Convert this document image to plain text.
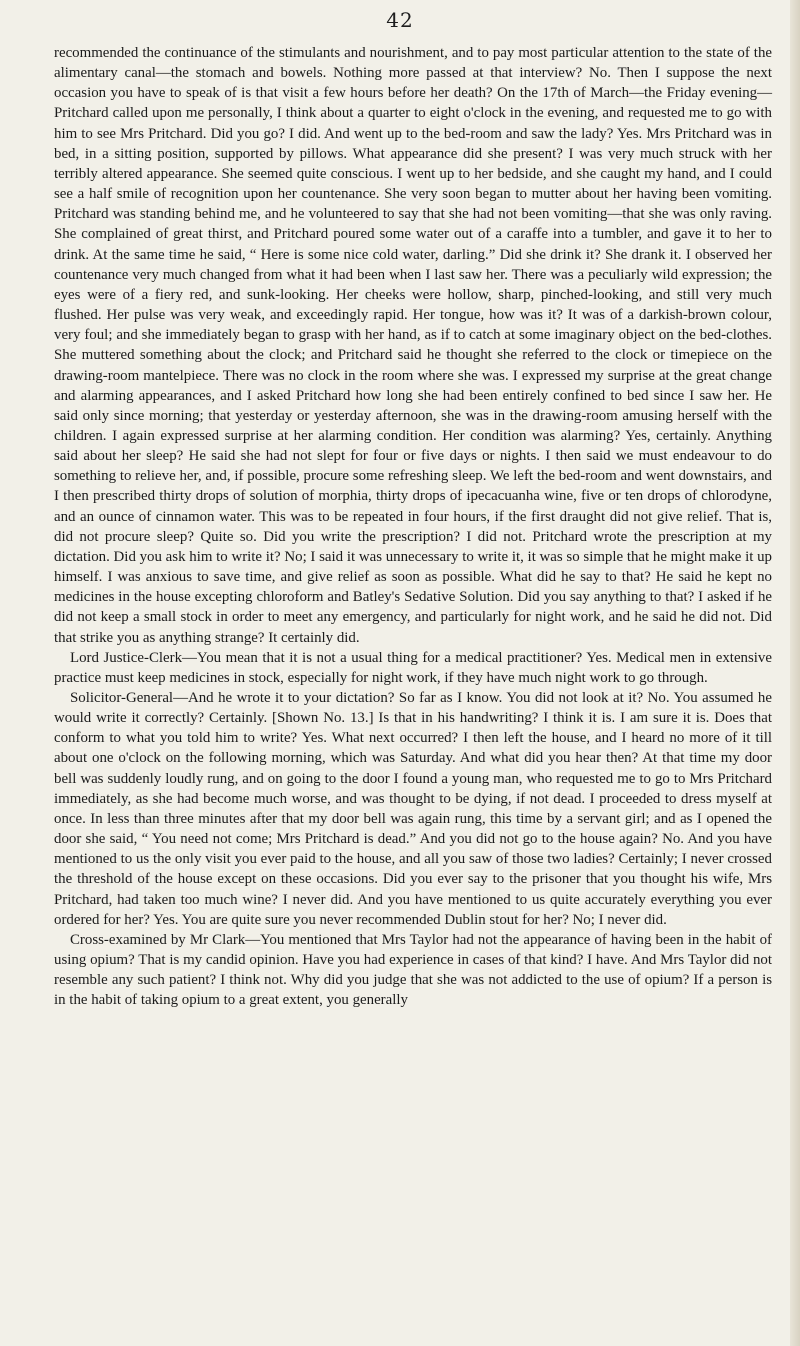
42

recommended the continuance of the stimulants and nourishment, and to pay most particular attention to the state of the alimentary canal—the stomach and bowels. Nothing more passed at that interview? No. Then I suppose the next occasion you have to speak of is that visit a few hours before her death? On the 17th of March—the Friday evening—Pritchard called upon me personally, I think about a quarter to eight o'clock in the evening, and requested me to go with him to see Mrs Pritchard. Did you go? I did. And went up to the bed-room and saw the lady? Yes. Mrs Pritchard was in bed, in a sitting position, supported by pillows. What appearance did she present? I was very much struck with her terribly altered appearance. She seemed quite conscious. I went up to her bedside, and she caught my hand, and I could see a half smile of recognition upon her countenance. She very soon began to mutter about her having been vomiting. Pritchard was standing behind me, and he volunteered to say that she had not been vomiting—that she was only raving. She complained of great thirst, and Pritchard poured some water out of a caraffe into a tumbler, and gave it to her to drink. At the same time he said, “ Here is some nice cold water, darling.” Did she drink it? She drank it. I observed her countenance very much changed from what it had been when I last saw her. There was a peculiarly wild expression; the eyes were of a fiery red, and sunk-looking. Her cheeks were hollow, sharp, pinched-looking, and still very much flushed. Her pulse was very weak, and exceedingly rapid. Her tongue, how was it? It was of a darkish-brown colour, very foul; and she immediately began to grasp with her hand, as if to catch at some imaginary object on the bed-clothes. She muttered something about the clock; and Pritchard said he thought she referred to the clock or timepiece on the drawing-room mantelpiece. There was no clock in the room where she was. I expressed my surprise at the great change and alarming appearances, and I asked Pritchard how long she had been entirely confined to bed since I saw her. He said only since morning; that yesterday or yesterday afternoon, she was in the drawing-room amusing herself with the children. I again expressed surprise at her alarming condition. Her condition was alarming? Yes, certainly. Anything said about her sleep? He said she had not slept for four or five days or nights. I then said we must endeavour to do something to relieve her, and, if possible, procure some refreshing sleep. We left the bed-room and went downstairs, and I then prescribed thirty drops of solution of morphia, thirty drops of ipecacuanha wine, five or ten drops of chlorodyne, and an ounce of cinnamon water. This was to be repeated in four hours, if the first draught did not give relief. That is, did not procure sleep? Quite so. Did you write the prescription? I did not. Pritchard wrote the prescription at my dictation. Did you ask him to write it? No; I said it was unnecessary to write it, it was so simple that he might make it up himself. I was anxious to save time, and give relief as soon as possible. What did he say to that? He said he kept no medicines in the house excepting chloroform and Batley's Sedative Solution. Did you say anything to that? I asked if he did not keep a small stock in order to meet any emergency, and particularly for night work, and he said he did not. Did that strike you as anything strange? It certainly did.

Lord Justice-Clerk—You mean that it is not a usual thing for a medical practitioner? Yes. Medical men in extensive practice must keep medicines in stock, especially for night work, if they have much night work to go through.

Solicitor-General—And he wrote it to your dictation? So far as I know. You did not look at it? No. You assumed he would write it correctly? Certainly. [Shown No. 13.] Is that in his handwriting? I think it is. I am sure it is. Does that conform to what you told him to write? Yes. What next occurred? I then left the house, and I heard no more of it till about one o'clock on the following morning, which was Saturday. And what did you hear then? At that time my door bell was suddenly loudly rung, and on going to the door I found a young man, who requested me to go to Mrs Pritchard immediately, as she had become much worse, and was thought to be dying, if not dead. I proceeded to dress myself at once. In less than three minutes after that my door bell was again rung, this time by a servant girl; and as I opened the door she said, “ You need not come; Mrs Pritchard is dead.” And you did not go to the house again? No. And you have mentioned to us the only visit you ever paid to the house, and all you saw of those two ladies? Certainly; I never crossed the threshold of the house except on these occasions. Did you ever say to the prisoner that you thought his wife, Mrs Pritchard, had taken too much wine? I never did. And you have mentioned to us quite accurately everything you ever ordered for her? Yes. You are quite sure you never recommended Dublin stout for her? No; I never did.

Cross-examined by Mr Clark—You mentioned that Mrs Taylor had not the appearance of having been in the habit of using opium? That is my candid opinion. Have you had experience in cases of that kind? I have. And Mrs Taylor did not resemble any such patient? I think not. Why did you judge that she was not addicted to the use of opium? If a person is in the habit of taking opium to a great extent, you generally
